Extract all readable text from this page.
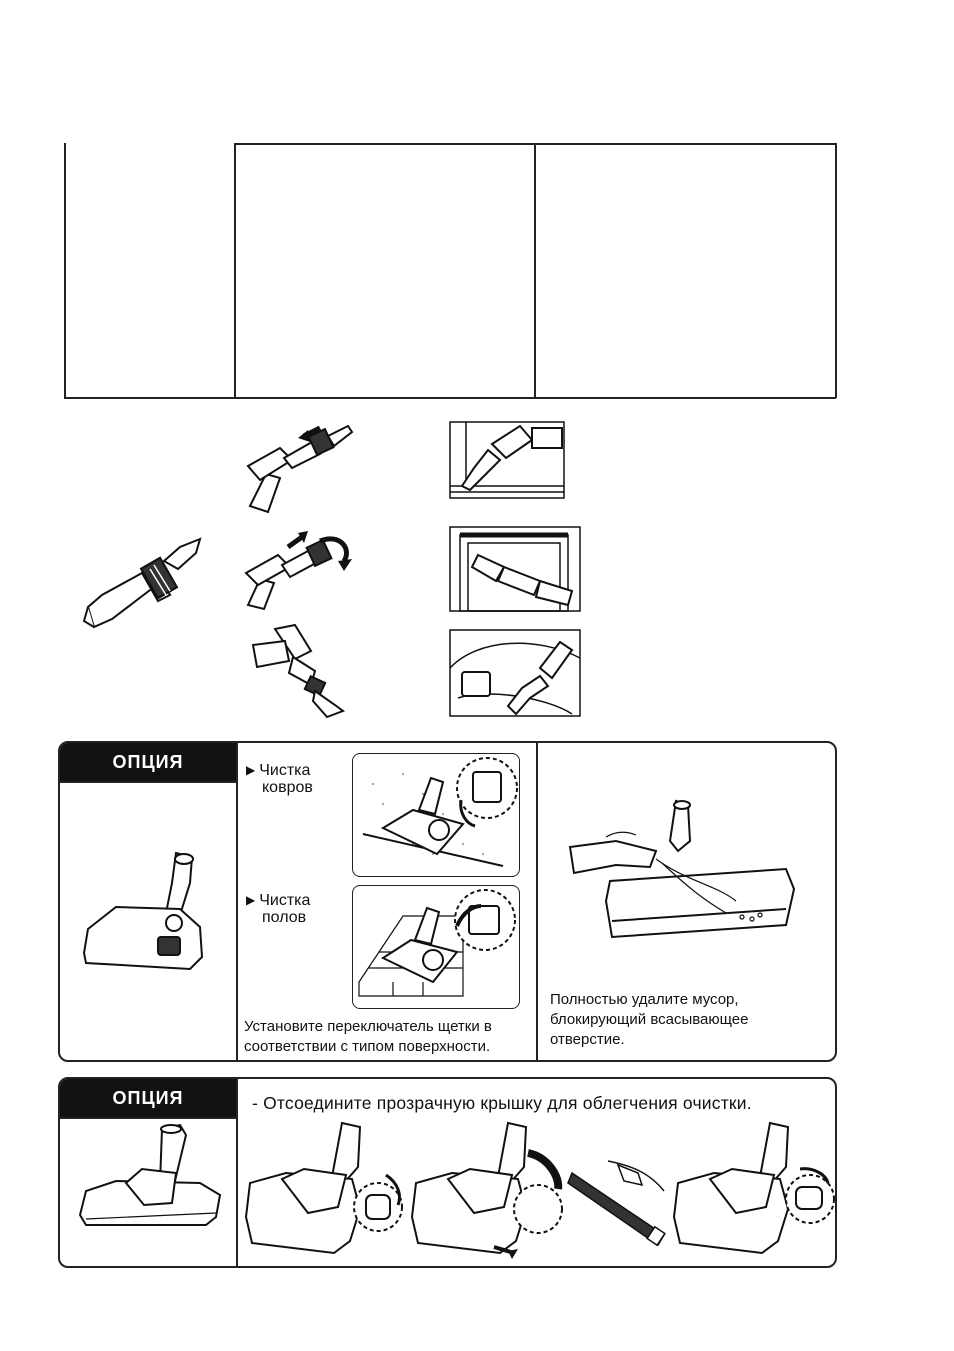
ОПЦИЯ	▶ Чистка
ковров
▶ Чистка
полов
Установите переключатель щетки в
соответствии с типом поверхности.
Полностью удалите мусор,
блокирующий всасывающее
отверстие.
ОПЦИЯ	- Отсоедините прозрачную крышку для облегчения очистки.
